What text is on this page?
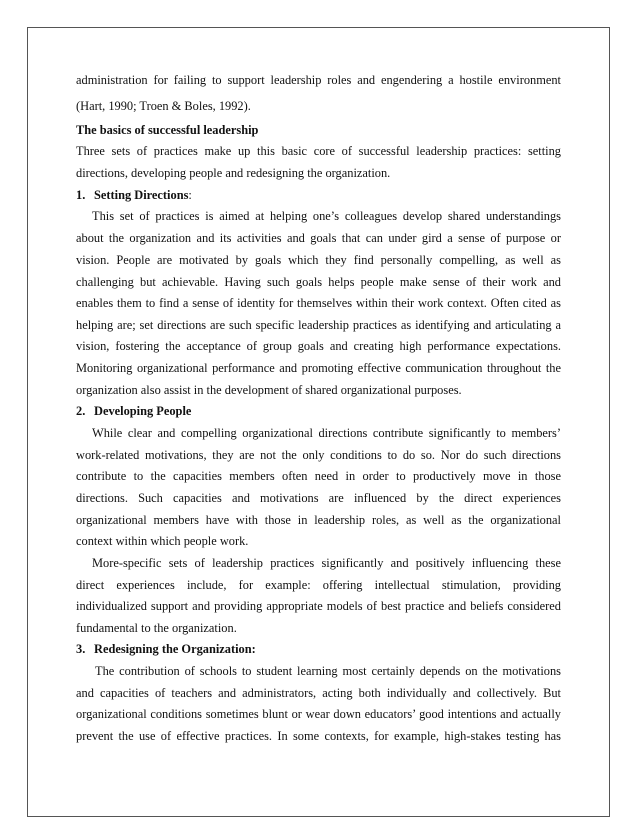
administration for failing to support leadership roles and engendering a hostile environment
(Hart, 1990; Troen & Boles, 1992).
The basics of successful leadership
Three sets of practices make up this basic core of successful leadership practices: setting
directions, developing people and redesigning the organization.
1. Setting Directions:
This set of practices is aimed at helping one’s colleagues develop shared understandings
about the organization and its activities and goals that can under gird a sense of purpose or
vision. People are motivated by goals which they find personally compelling, as well as
challenging but achievable. Having such goals helps people make sense of their work and
enables them to find a sense of identity for themselves within their work context. Often cited as
helping are; set directions are such specific leadership practices as identifying and articulating a
vision, fostering the acceptance of group goals and creating high performance expectations.
Monitoring organizational performance and promoting effective communication throughout the
organization also assist in the development of shared organizational purposes.
2. Developing People
While clear and compelling organizational directions contribute significantly to members’
work-related motivations, they are not the only conditions to do so. Nor do such directions
contribute to the capacities members often need in order to productively move in those
directions. Such capacities and motivations are influenced by the direct experiences
organizational members have with those in leadership roles, as well as the organizational
context within which people work.
More-specific sets of leadership practices significantly and positively influencing these
direct experiences include, for example: offering intellectual stimulation, providing
individualized support and providing appropriate models of best practice and beliefs considered
fundamental to the organization.
3. Redesigning the Organization:
The contribution of schools to student learning most certainly depends on the motivations
and capacities of teachers and administrators, acting both individually and collectively. But
organizational conditions sometimes blunt or wear down educators’ good intentions and actually
prevent the use of effective practices. In some contexts, for example, high-stakes testing has
